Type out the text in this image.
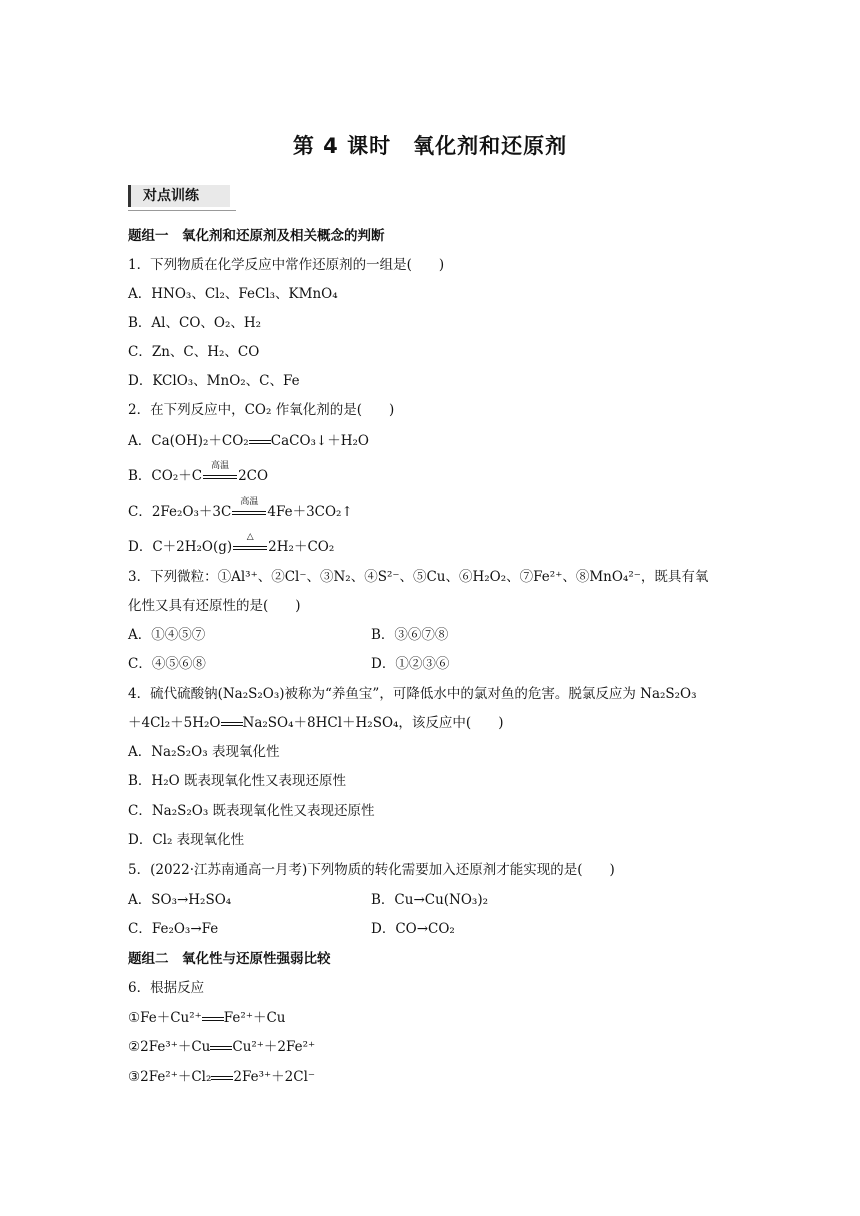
第 4 课时　氧化剂和还原剂
对点训练
题组一　氧化剂和还原剂及相关概念的判断
1．下列物质在化学反应中常作还原剂的一组是(　　)
A．HNO₃、Cl₂、FeCl₃、KMnO₄
B．Al、CO、O₂、H₂
C．Zn、C、H₂、CO
D．KClO₃、MnO₂、C、Fe
2．在下列反应中，CO₂ 作氧化剂的是(　　)
A．Ca(OH)₂＋CO₂ CaCO₃↓＋H₂O
B．CO₂＋C
高温
2CO
C．2Fe₂O₃＋3C
高温
4Fe＋3CO₂↑
D．C＋2H₂O(g)
△
2H₂＋CO₂
3．下列微粒：①Al³⁺、②Cl⁻、③N₂、④S²⁻、⑤Cu、⑥H₂O₂、⑦Fe²⁺、⑧MnO₄²⁻，既具有氧
化性又具有还原性的是(　　)
A．①④⑤⑦	B．③⑥⑦⑧
C．④⑤⑥⑧	D．①②③⑥
4．硫代硫酸钠(Na₂S₂O₃)被称为“养鱼宝”，可降低水中的氯对鱼的危害。脱氯反应为 Na₂S₂O₃
＋4Cl₂＋5H₂O Na₂SO₄＋8HCl＋H₂SO₄，该反应中(　　)
A．Na₂S₂O₃ 表现氧化性
B．H₂O 既表现氧化性又表现还原性
C．Na₂S₂O₃ 既表现氧化性又表现还原性
D．Cl₂ 表现氧化性
5．(2022·江苏南通高一月考)下列物质的转化需要加入还原剂才能实现的是(　　)
A．SO₃→H₂SO₄	B．Cu→Cu(NO₃)₂
C．Fe₂O₃→Fe	D．CO→CO₂
题组二　氧化性与还原性强弱比较
6．根据反应
①Fe＋Cu²⁺ Fe²⁺＋Cu
②2Fe³⁺＋Cu Cu²⁺＋2Fe²⁺
③2Fe²⁺＋Cl₂ 2Fe³⁺＋2Cl⁻
